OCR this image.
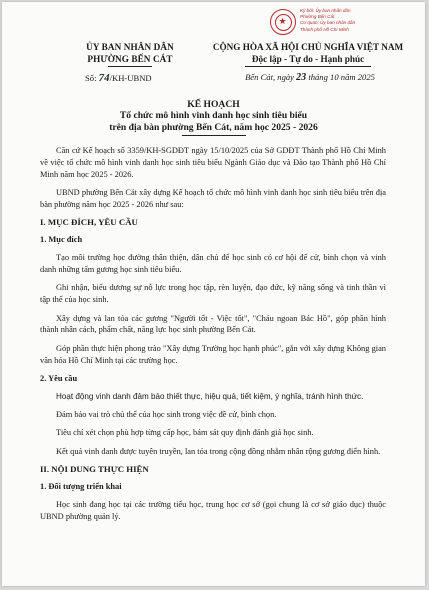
★
Ký bởi: Ủy ban nhân dân
Phường Bến Cát
Cơ quan: Ủy ban nhân dân
Thành phố Hồ Chí Minh
ỦY BAN NHÂN DÂN
PHƯỜNG BẾN CÁT
Số: 74/KH-UBND
CỘNG HÒA XÃ HỘI CHỦ NGHĨA VIỆT NAM
Độc lập - Tự do - Hạnh phúc
Bến Cát, ngày 23 tháng 10 năm 2025
KẾ HOẠCH
Tổ chức mô hình vinh danh học sinh tiêu biểu
trên địa bàn phường Bến Cát, năm học 2025 - 2026

Căn cứ Kế hoạch số 3359/KH-SGDĐT ngày 15/10/2025 của Sở GDĐT Thành phố Hồ Chí Minh về việc tổ chức mô hình vinh danh học sinh tiêu biểu Ngành Giáo dục và Đào tạo Thành phố Hồ Chí Minh năm học 2025 - 2026.

UBND phường Bến Cát xây dựng Kế hoạch tổ chức mô hình vinh danh học sinh tiêu biểu trên địa bàn phường năm học 2025 - 2026 như sau:

I. MỤC ĐÍCH, YÊU CẦU
1. Mục đích

Tạo môi trường học đường thân thiện, dân chủ để học sinh có cơ hội để cử, bình chọn và vinh danh những tấm gương học sinh tiêu biểu.

Ghi nhận, biểu dương sự nỗ lực trong học tập, rèn luyện, đạo đức, kỹ năng sống và tinh thần vì tập thể của học sinh.

Xây dựng và lan tỏa các gương "Người tốt - Việc tốt", "Cháu ngoan Bác Hồ", góp phần hình thành nhân cách, phẩm chất, năng lực học sinh phường Bến Cát.

Góp phần thực hiện phong trào "Xây dựng Trường học hạnh phúc", gắn với xây dựng Không gian văn hóa Hồ Chí Minh tại các trường học.

2. Yêu cầu

Hoạt động vinh danh đảm bảo thiết thực, hiệu quả, tiết kiệm, ý nghĩa, tránh hình thức.

Đảm bảo vai trò chủ thể của học sinh trong việc đề cử, bình chọn.

Tiêu chí xét chọn phù hợp từng cấp học, bám sát quy định đánh giá học sinh.

Kết quả vinh danh được tuyên truyền, lan tỏa trong cộng đồng nhằm nhân rộng gương điển hình.

II. NỘI DUNG THỰC HIỆN
1. Đối tượng triển khai

Học sinh đang học tại các trường tiểu học, trung học cơ sở (gọi chung là cơ sở giáo dục) thuộc UBND phường quản lý.
